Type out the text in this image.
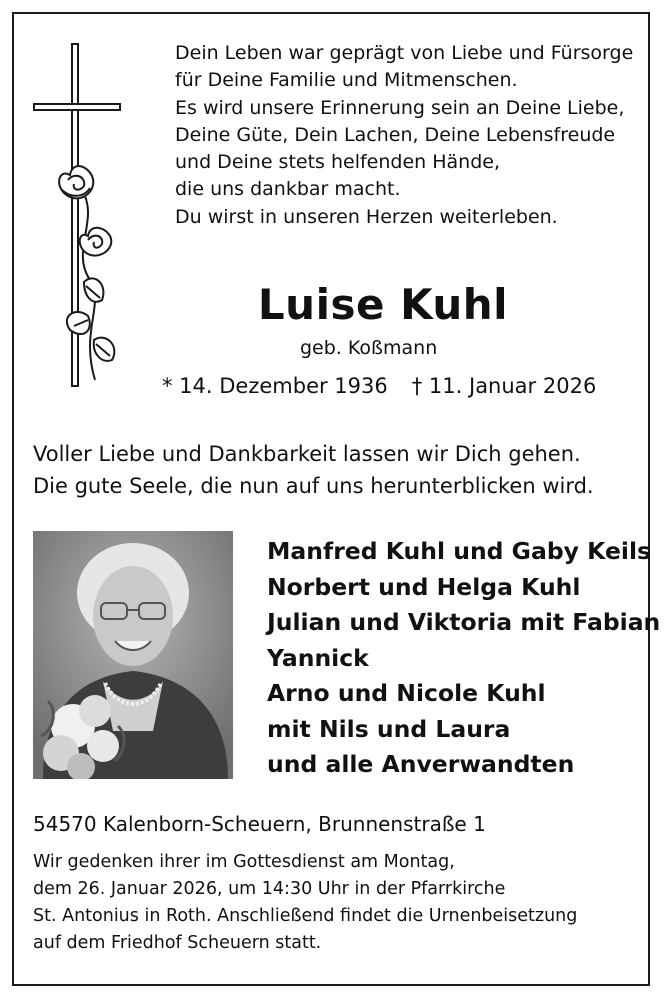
Dein Leben war geprägt von Liebe und Fürsorge
für Deine Familie und Mitmenschen.
Es wird unsere Erinnerung sein an Deine Liebe,
Deine Güte, Dein Lachen, Deine Lebensfreude
und Deine stets helfenden Hände,
die uns dankbar macht.
Du wirst in unseren Herzen weiterleben.
Luise Kuhl
geb. Koßmann
* 14. Dezember 1936 † 11. Januar 2026
Voller Liebe und Dankbarkeit lassen wir Dich gehen.
Die gute Seele, die nun auf uns herunterblicken wird.
Manfred Kuhl und Gaby Keils
Norbert und Helga Kuhl
Julian und Viktoria mit Fabian
Yannick
Arno und Nicole Kuhl
mit Nils und Laura
und alle Anverwandten
54570 Kalenborn-Scheuern, Brunnenstraße 1
Wir gedenken ihrer im Gottesdienst am Montag,
dem 26. Januar 2026, um 14:30 Uhr in der Pfarrkirche
St. Antonius in Roth. Anschließend findet die Urnenbeisetzung
auf dem Friedhof Scheuern statt.
